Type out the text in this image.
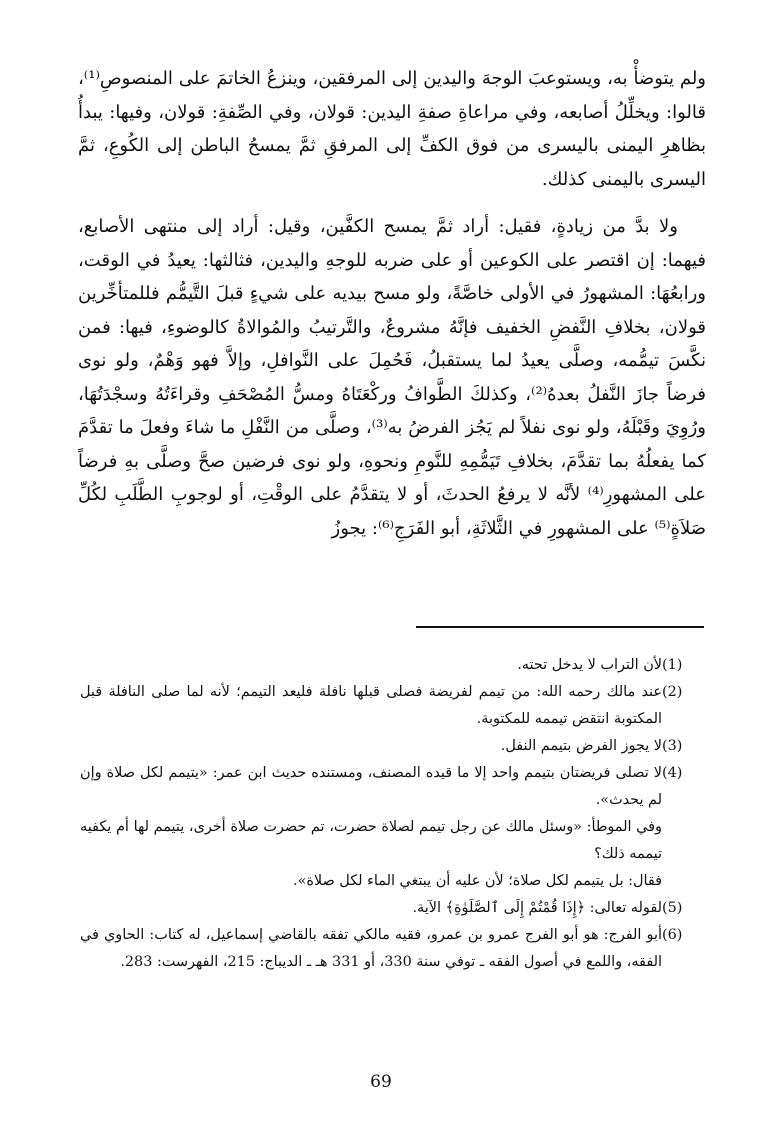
ولم يتوضأْ به، ويستوعبَ الوجهَ واليدين إلى المرفقين، وينزعُ الخاتمَ على المنصوصِ⁽¹⁾، قالوا: ويخلِّلُ أصابعه، وفي مراعاةِ صفةِ اليدين: قولان، وفي الصِّفةِ: قولان، وفيها: يبدأُ بظاهرِ اليمنى باليسرى من فوق الكفِّ إلى المرفقِ ثمَّ يمسحُ الباطن إلى الكُوعِ، ثمَّ اليسرى باليمنى كذلك.

ولا بدَّ من زيادةٍ، فقيل: أراد ثمَّ يمسح الكفَّين، وقيل: أراد إلى منتهى الأصابع، فيهما: إن اقتصر على الكوعين أو على ضربه للوجهِ واليدين، فثالثها: يعيدُ في الوقت، ورابعُهَا: المشهورُ في الأولى خاصَّةً، ولو مسح بيديه على شيءٍ قبلَ التَّيمُّم فللمتأخِّرين قولان، بخلافِ النَّفضِ الخفيف فإنَّهُ مشروعٌ، والتَّرتيبُ والمُوالاةُ كالوضوءِ، فيها: فمن نكَّسَ تيمُّمه، وصلَّى يعيدُ لما يستقبلُ، فَحُمِلَ على النَّوافلِ، وإلاَّ فهو وَهْمٌ، ولو نوى فرضاً جازَ النَّفلُ بعدهُ⁽²⁾، وكذلكَ الطَّوافُ وركْعَتَاهُ ومسُّ المُصْحَفِ وقراءَتُهُ وسجْدَتُهَا، ورُوِيَ وقَبْلَهُ، ولو نوى نفلاً لم يَجُز الفرضُ به⁽³⁾، وصلَّى من النَّفْلِ ما شاءَ وفعلَ ما تقدَّمَ كما يفعلُهُ بما تقدَّمَ، بخلافِ تَيَمُّمِهِ للنَّومِ ونحوهِ، ولو نوى فرضين صحَّ وصلَّى بهِ فرضاً على المشهورِ⁽⁴⁾ لأنَّه لا يرفعُ الحدثَ، أو لا يتقدَّمُ على الوقْتِ، أو لوجوبِ الطَّلَبِ لكُلِّ صَلاَةٍ⁽⁵⁾ على المشهورِ في الثَّلاثَةِ، أبو الفَرَجِ⁽⁶⁾: يجوزُ

(1)
لأن التراب لا يدخل تحته.
(2)
عند مالك رحمه الله: من تيمم لفريضة فصلى قبلها نافلة فليعد التيمم؛ لأنه لما صلى النافلة قبل المكتوبة انتقض تيممه للمكتوبة.
(3)
لا يجوز الفرض بتيمم النفل.
(4)
لا تصلى فريضتان بتيمم واحد إلا ما قيده المصنف، ومستنده حديث ابن عمر: «يتيمم لكل صلاة وإن لم يحدث».
وفي الموطأ: «وسئل مالك عن رجل تيمم لصلاة حضرت، تم حضرت صلاة أخرى، يتيمم لها أم يكفيه تيممه ذلك؟
فقال: بل يتيمم لكل صلاة؛ لأن عليه أن يبتغي الماء لكل صلاة».
(5)
لقوله تعالى: ﴿إِذَا قُمْتُمْ إِلَى ٱلصَّلَوٰةِ﴾ الآية.
(6)
أبو الفرج: هو أبو الفرج عمرو بن عمرو، فقيه مالكي تفقه بالقاضي إسماعيل، له كتاب: الحاوي في الفقه، واللمع في أصول الفقه ـ توفي سنة 330، أو 331 هـ ـ الديباج: 215، الفهرست: 283.
69
